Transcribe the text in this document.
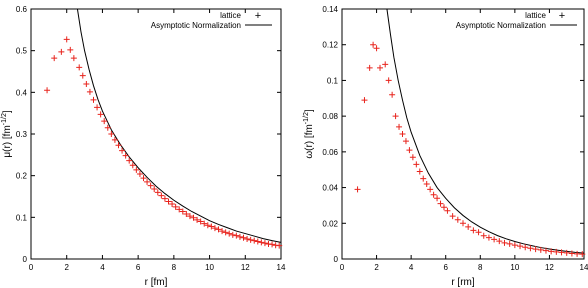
0	2	4	6	8	10	12	14
0
0.1
0.2
0.3
0.4
0.5
0.6
r [fm]
μ(r) $[fm^{-1/2}]$
lattice +
Asymptotic Normalization
0	2	4	6	8	10	12	14
0
0.02
0.04
0.06
0.08
0.1
0.12
0.14
r [rm]
ω(r) $[fm^{-1/2}]$
lattice +
Asymptotic Normalization
